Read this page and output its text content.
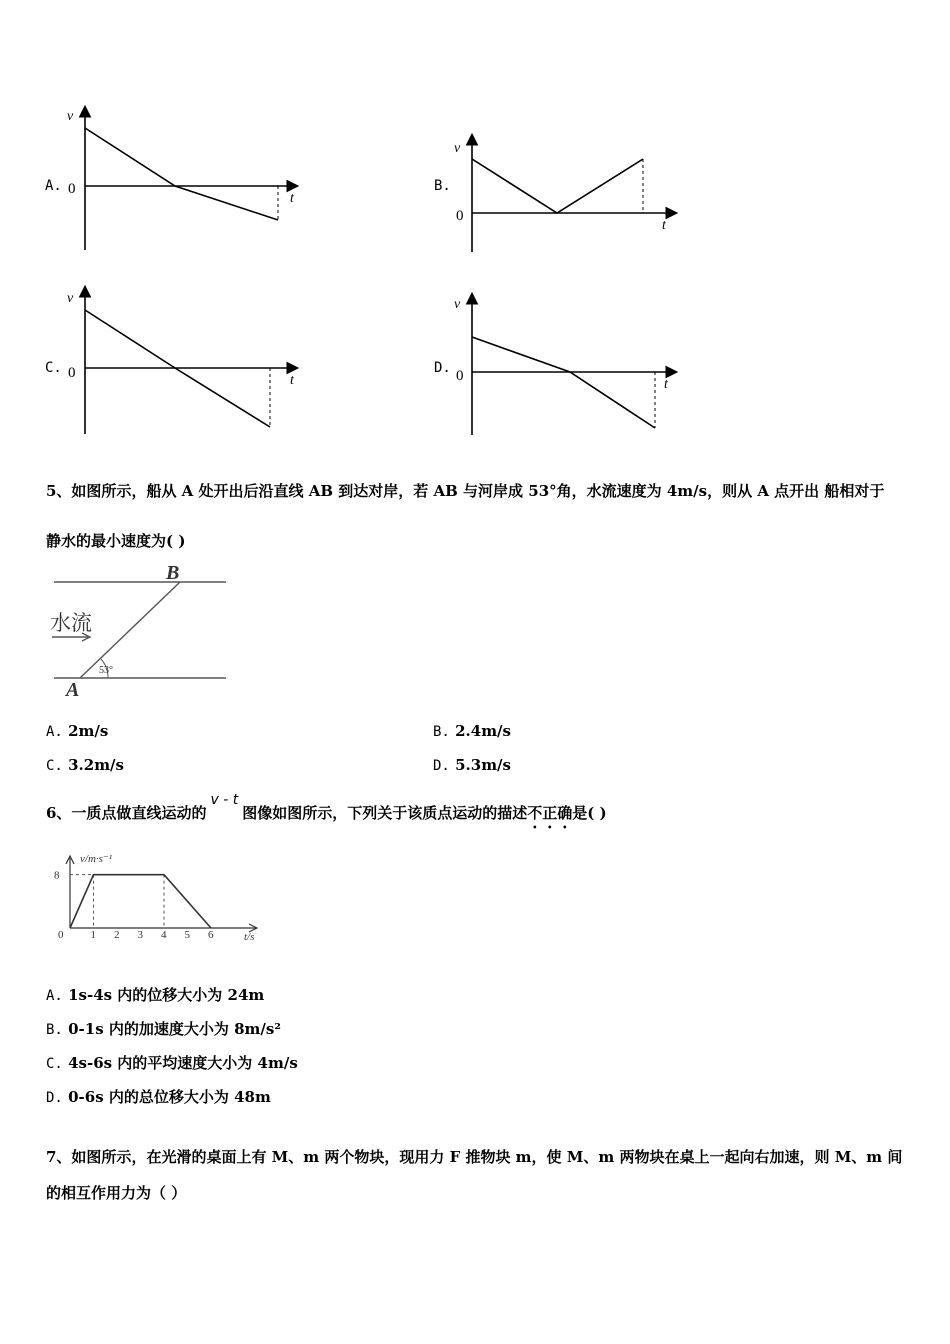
A.
v
0
t
B.
v
0
t
C.
v
0	t
D.
v
0
t
5、如图所示，船从 A 处开出后沿直线 AB 到达对岸，若 AB 与河岸成 53°角，水流速度为 4m/s，则从 A 点开出 船相对于
静水的最小速度为( )
B
A
水流
53°
A. 2m/s	B. 2.4m/s
C. 3.2m/s	D. 5.3m/s
6、一质点做直线运动的v - t图像如图所示，下列关于该质点运动的描述不正确是( )
0 1 2 3 4 5 6
8
v/m·s⁻¹
t/s
A. 1s-4s 内的位移大小为 24m
B. 0-1s 内的加速度大小为 8m/s²
C. 4s-6s 内的平均速度大小为 4m/s
D. 0-6s 内的总位移大小为 48m
7、如图所示，在光滑的桌面上有 M、m 两个物块，现用力 F 推物块 m，使 M、m 两物块在桌上一起向右加速，则 M、m 间
的相互作用力为（ ）
